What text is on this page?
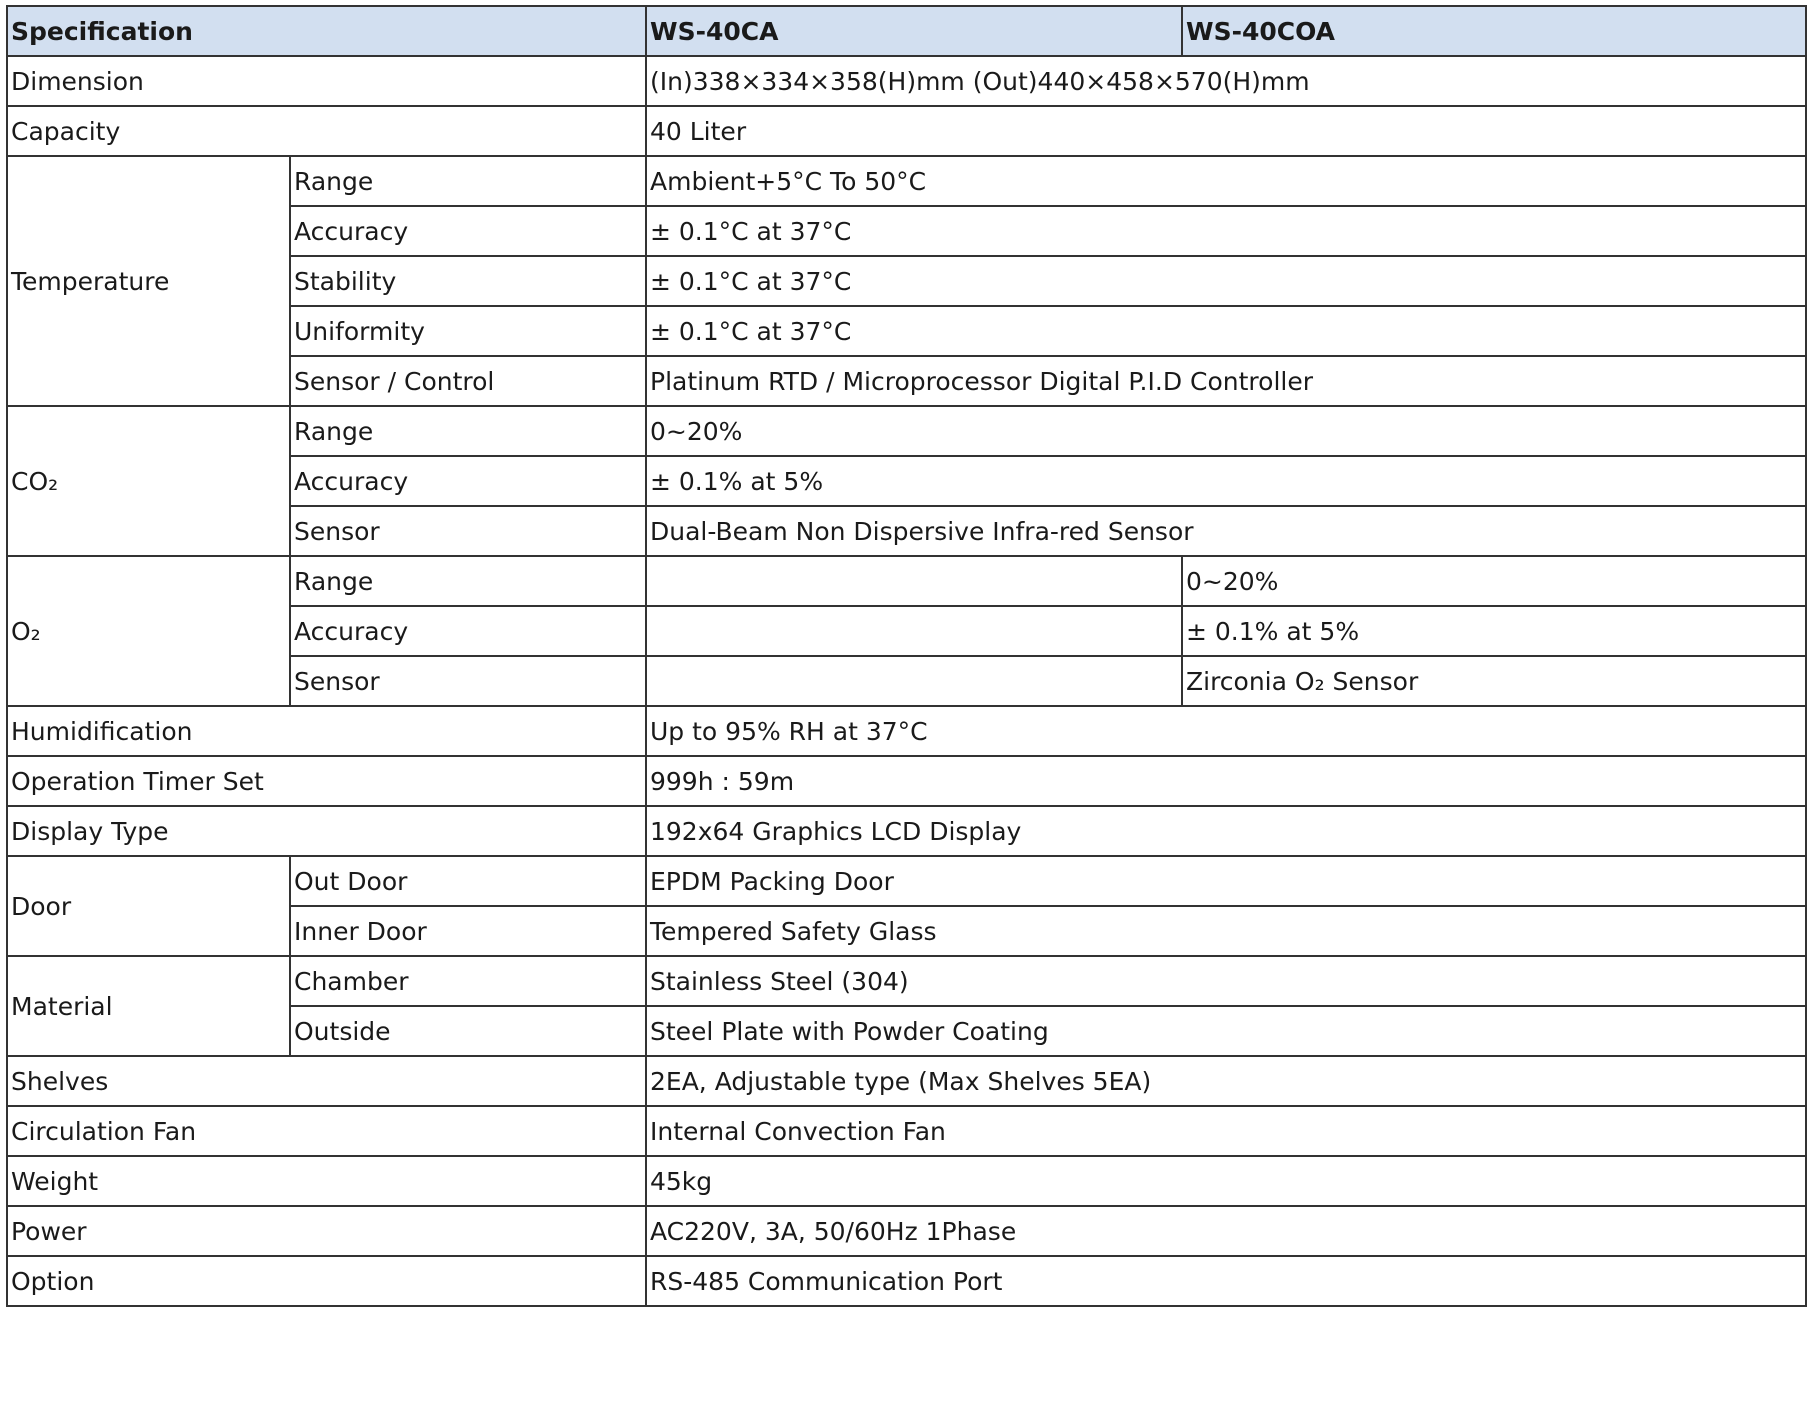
Specification		WS-40CA	WS-40COA
Dimension		(In)338×334×358(H)mm (Out)440×458×570(H)mm	
Capacity		40 Liter	
Temperature	Range	Ambient+5°C To 50°C	
	Accuracy	± 0.1°C at 37°C	
	Stability	± 0.1°C at 37°C	
	Uniformity	± 0.1°C at 37°C	
	Sensor / Control	Platinum RTD / Microprocessor Digital P.I.D Controller	
CO₂	Range	0~20%	
	Accuracy	± 0.1% at 5%	
	Sensor	Dual-Beam Non Dispersive Infra-red Sensor	
O₂	Range		0~20%
	Accuracy		± 0.1% at 5%
	Sensor		Zirconia O₂ Sensor
Humidification		Up to 95% RH at 37°C	
Operation Timer Set		999h : 59m	
Display Type		192x64 Graphics LCD Display	
Door	Out Door	EPDM Packing Door	
	Inner Door	Tempered Safety Glass	
Material	Chamber	Stainless Steel (304)	
	Outside	Steel Plate with Powder Coating	
Shelves		2EA, Adjustable type (Max Shelves 5EA)	
Circulation Fan		Internal Convection Fan	
Weight		45kg	
Power		AC220V, 3A, 50/60Hz 1Phase	
Option		RS-485 Communication Port	
